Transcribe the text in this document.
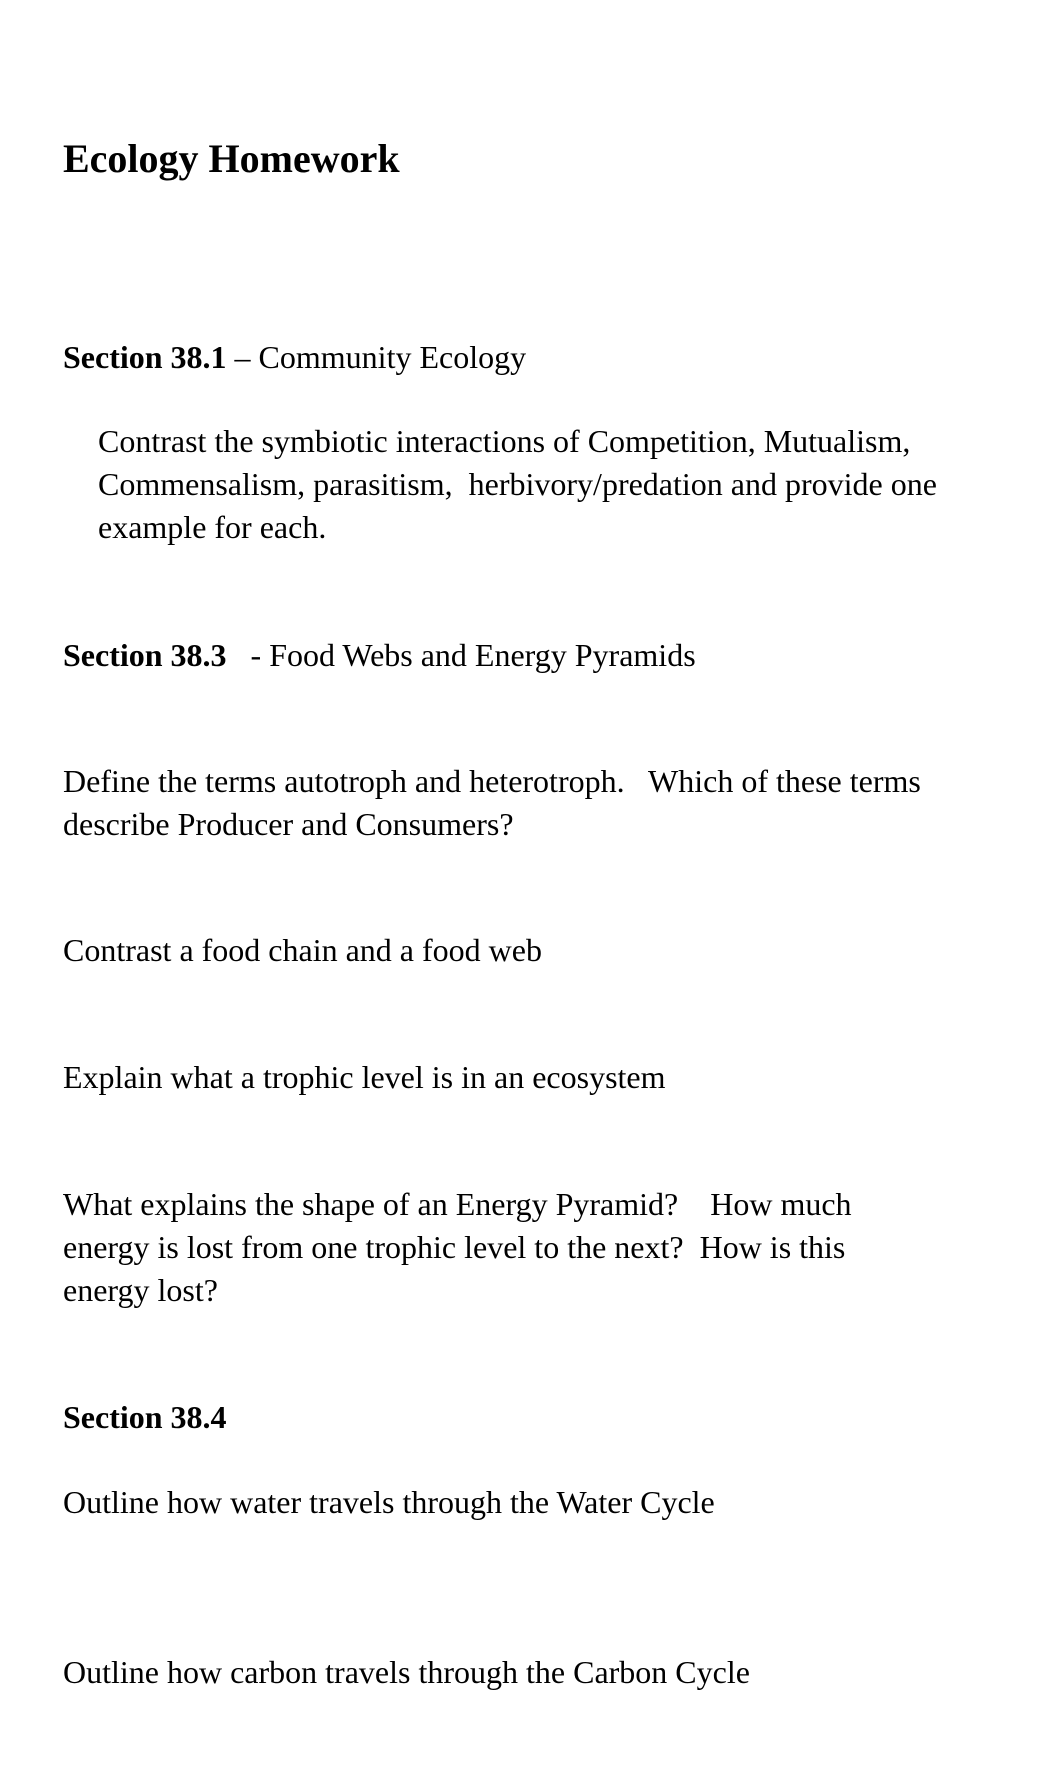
Ecology Homework
Section 38.1 – Community Ecology

Contrast the symbiotic interactions of Competition, Mutualism,
Commensalism, parasitism,  herbivory/predation and provide one
example for each.

Section 38.3   - Food Webs and Energy Pyramids

Define the terms autotroph and heterotroph.   Which of these terms
describe Producer and Consumers?

Contrast a food chain and a food web

Explain what a trophic level is in an ecosystem

What explains the shape of an Energy Pyramid?    How much
energy is lost from one trophic level to the next?  How is this
energy lost?

Section 38.4

Outline how water travels through the Water Cycle

Outline how carbon travels through the Carbon Cycle
